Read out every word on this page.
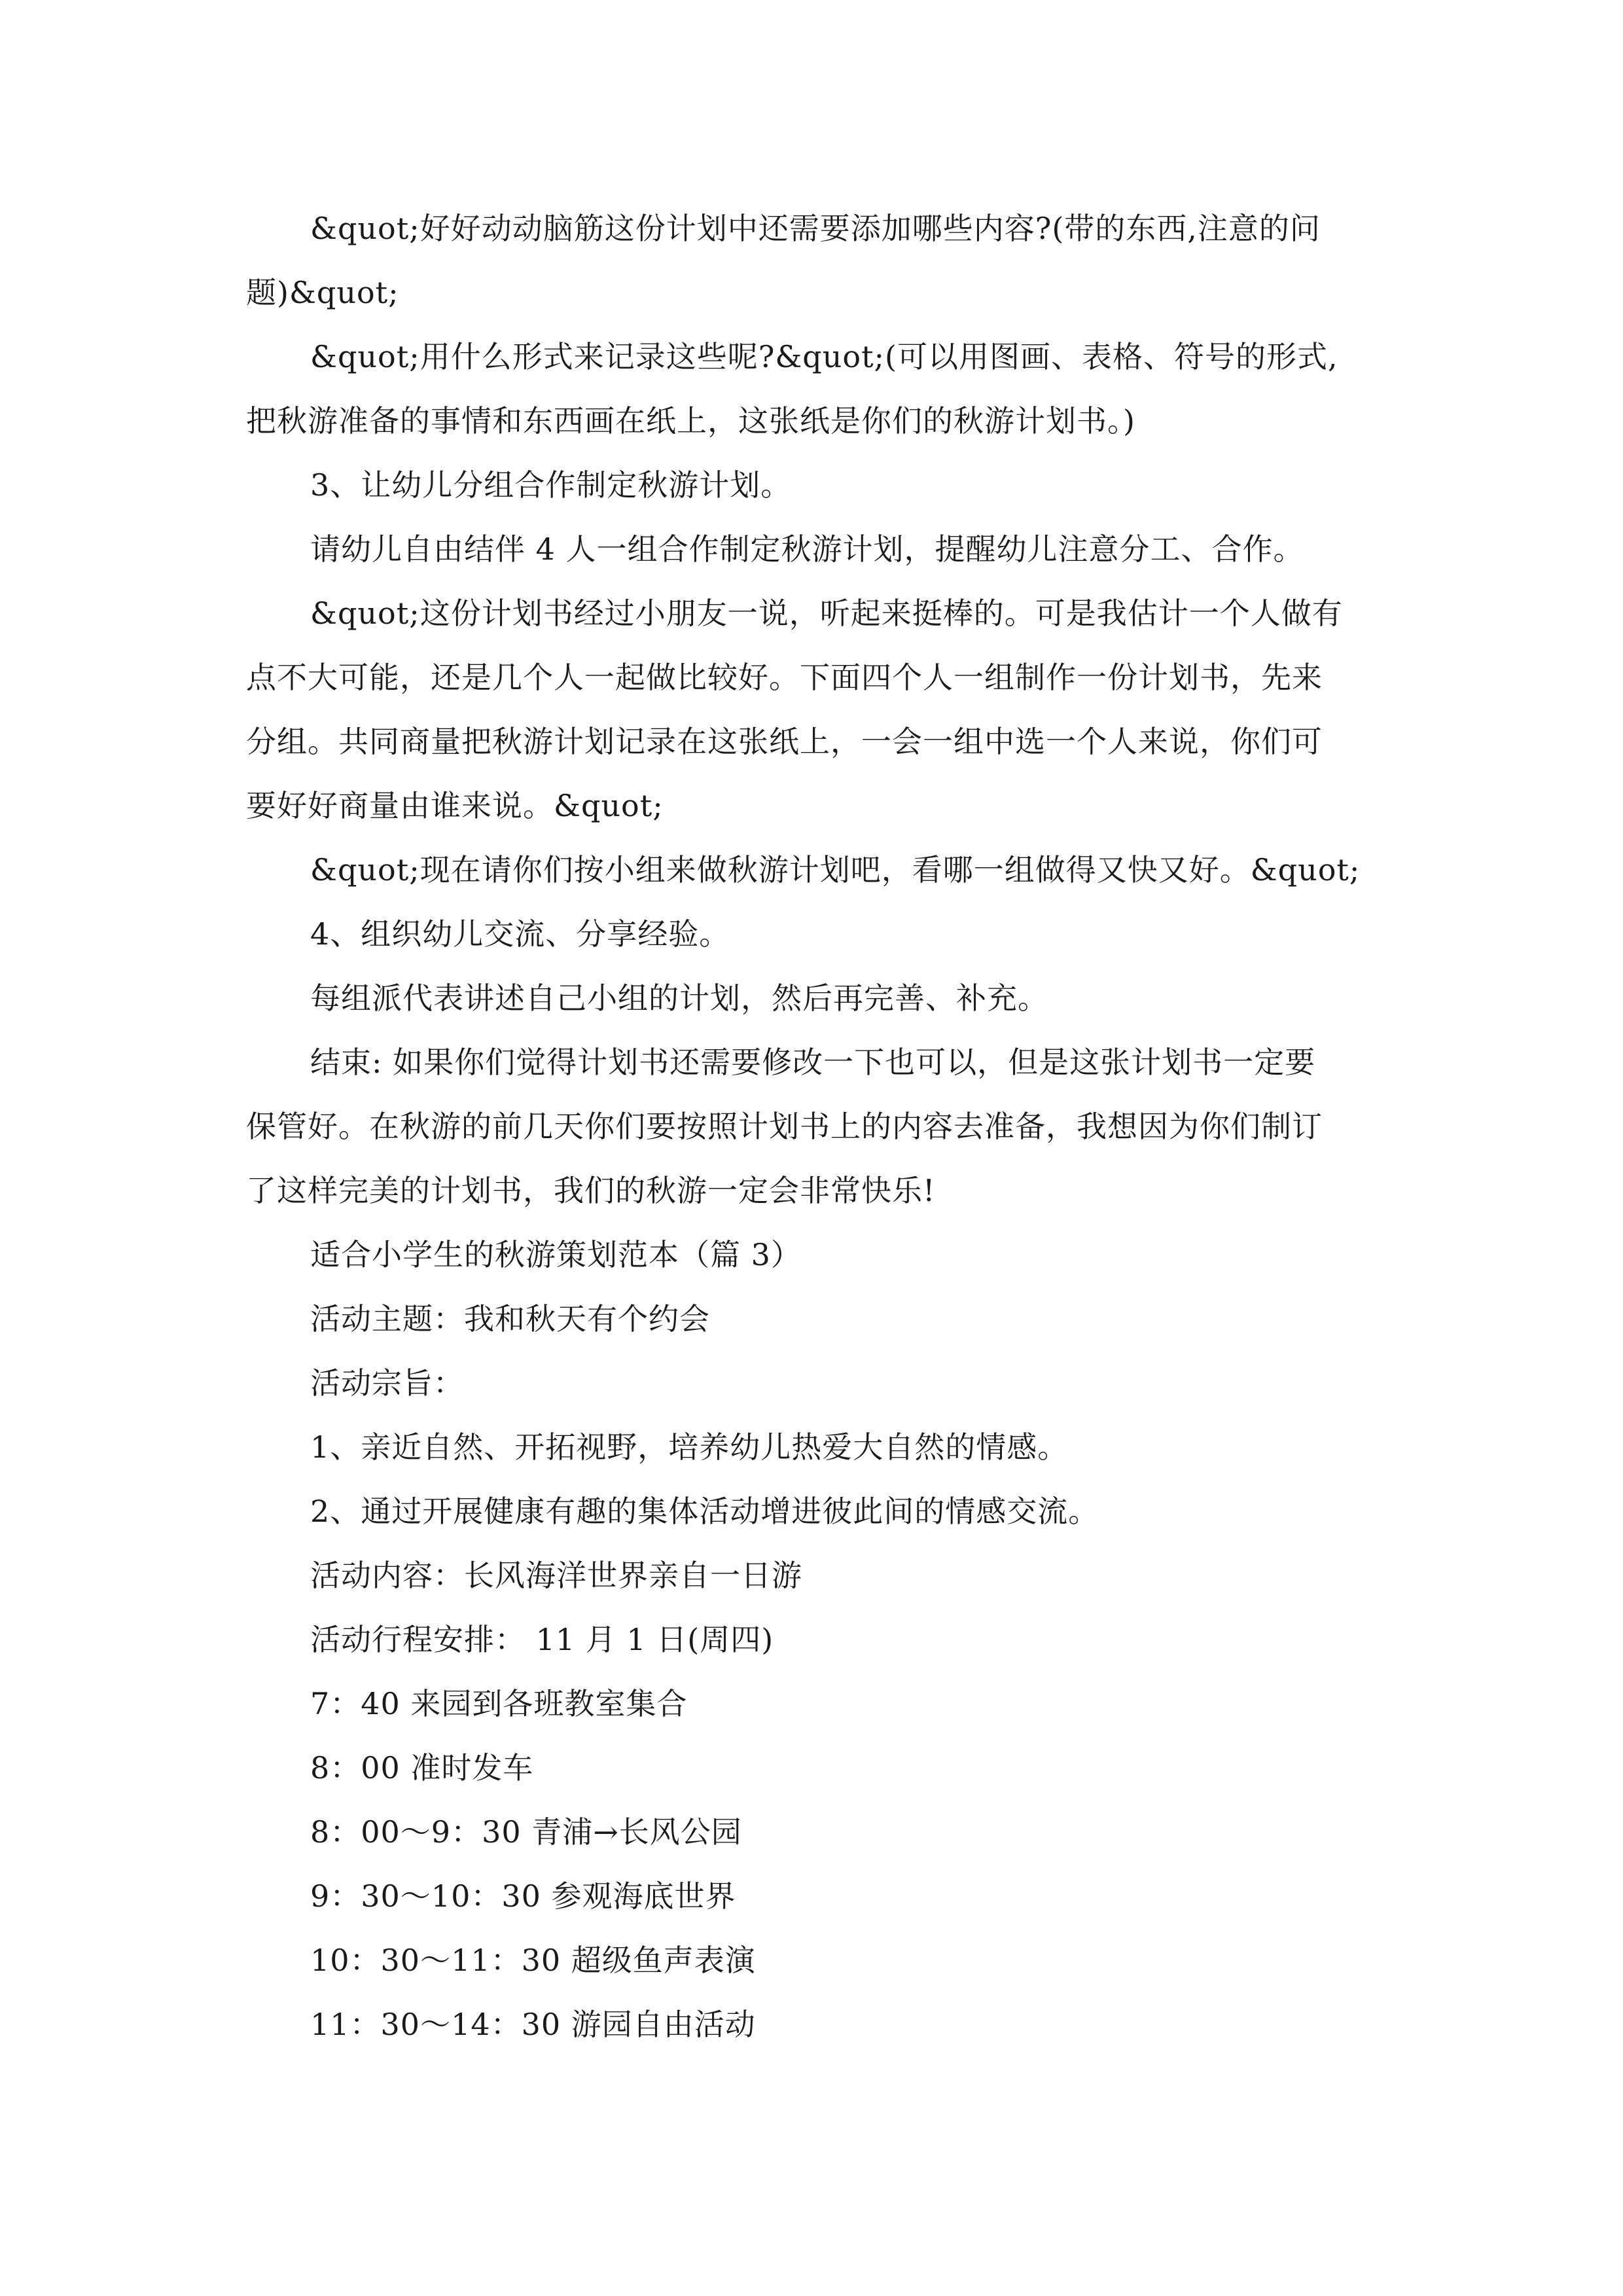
&quot;好好动动脑筋这份计划中还需要添加哪些内容?(带的东西,注意的问
题)&quot;
&quot;用什么形式来记录这些呢?&quot;(可以用图画、表格、符号的形式,
把秋游准备的事情和东西画在纸上，这张纸是你们的秋游计划书。)
3、让幼儿分组合作制定秋游计划。
请幼儿自由结伴 4 人一组合作制定秋游计划，提醒幼儿注意分工、合作。
&quot;这份计划书经过小朋友一说，听起来挺棒的。可是我估计一个人做有
点不大可能，还是几个人一起做比较好。下面四个人一组制作一份计划书，先来
分组。共同商量把秋游计划记录在这张纸上，一会一组中选一个人来说，你们可
要好好商量由谁来说。&quot;
&quot;现在请你们按小组来做秋游计划吧，看哪一组做得又快又好。&quot;
4、组织幼儿交流、分享经验。
每组派代表讲述自己小组的计划，然后再完善、补充。
结束: 如果你们觉得计划书还需要修改一下也可以，但是这张计划书一定要
保管好。在秋游的前几天你们要按照计划书上的内容去准备，我想因为你们制订
了这样完美的计划书，我们的秋游一定会非常快乐!
适合小学生的秋游策划范本（篇 3）
活动主题：我和秋天有个约会
活动宗旨：
1、亲近自然、开拓视野，培养幼儿热爱大自然的情感。
2、通过开展健康有趣的集体活动增进彼此间的情感交流。
活动内容：长风海洋世界亲自一日游
活动行程安排： 11 月 1 日(周四)
7：40 来园到各班教室集合
8：00 准时发车
8：00～9：30 青浦→长风公园
9：30～10：30 参观海底世界
10：30～11：30 超级鱼声表演
11：30～14：30 游园自由活动
